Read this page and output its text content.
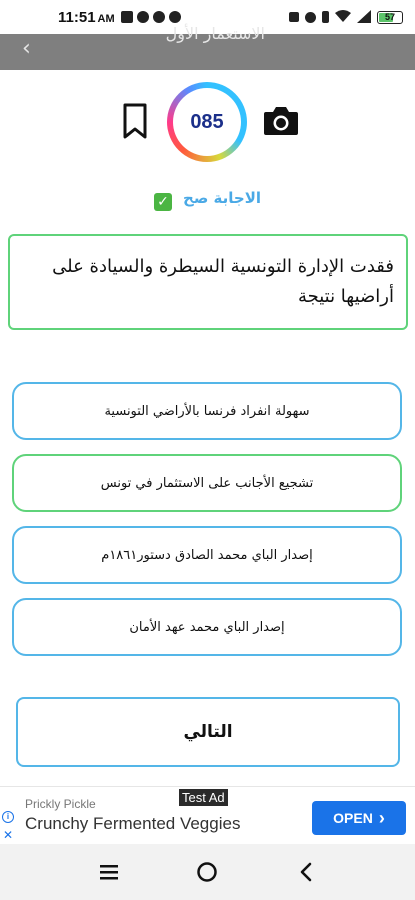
11:51 AM	57
‹
الاستعمار الأول
085
الاجابة صح ✓
فقدت الإدارة التونسية السيطرة والسيادة على أراضيها نتيجة
سهولة انفراد فرنسا بالأراضي التونسية
تشجيع الأجانب على الاستثمار في تونس
إصدار الباي محمد الصادق دستور١٨٦١م
إصدار الباي محمد عهد الأمان
التالي
Test Ad
i
✕
Prickly Pickle
Crunchy Fermented Veggies	OPEN ›
